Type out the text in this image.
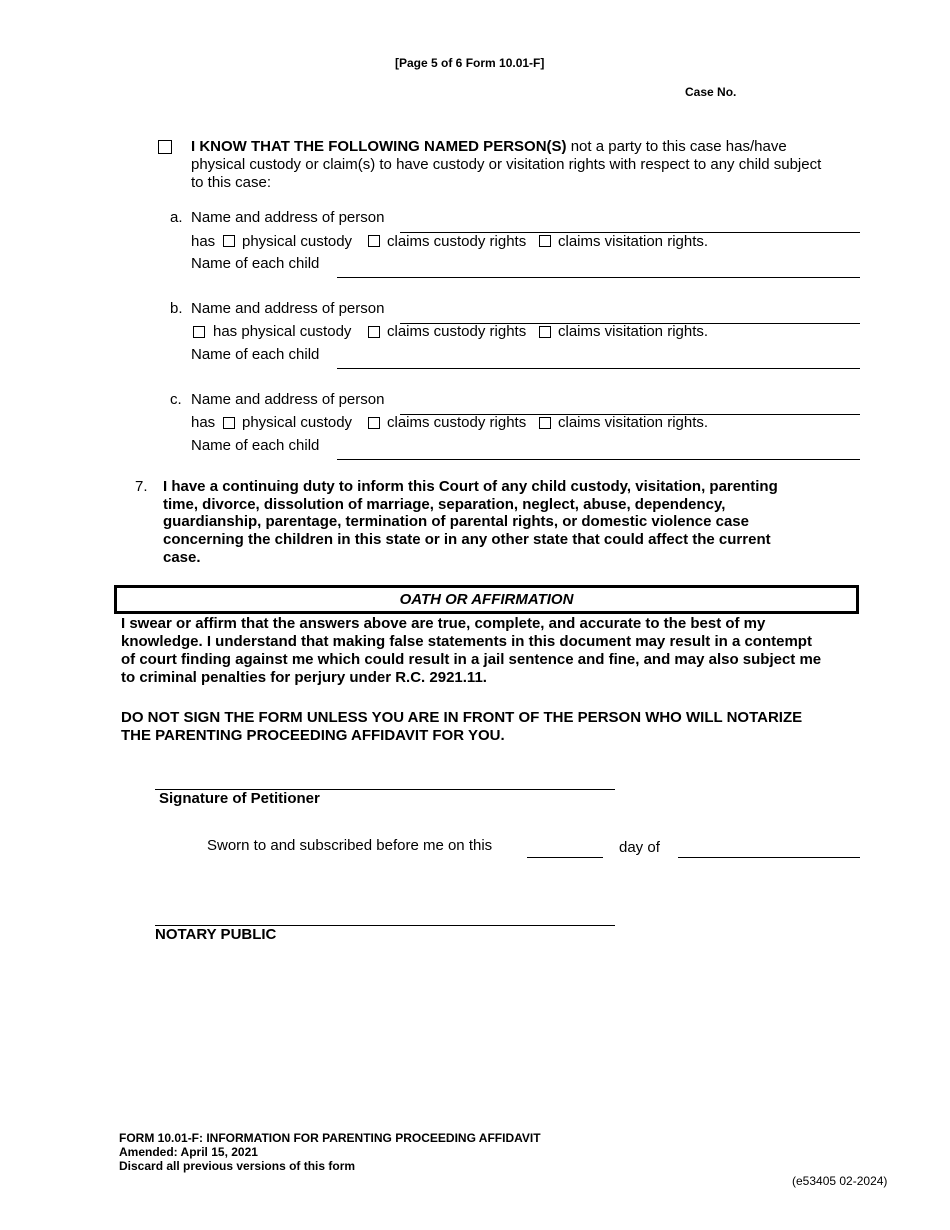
[Page 5 of 6 Form 10.01-F]
Case No.
I KNOW THAT THE FOLLOWING NAMED PERSON(S) not a party to this case has/have
physical custody or claim(s) to have custody or visitation rights with respect to any child subject
to this case:
a. Name and address of person
has physical custody claims custody rights claims visitation rights.
Name of each child
b. Name and address of person
has physical custody claims custody rights claims visitation rights.
Name of each child
c. Name and address of person
has physical custody claims custody rights claims visitation rights.
Name of each child
7. I have a continuing duty to inform this Court of any child custody, visitation, parenting
time, divorce, dissolution of marriage, separation, neglect, abuse, dependency,
guardianship, parentage, termination of parental rights, or domestic violence case
concerning the children in this state or in any other state that could affect the current
case.
OATH OR AFFIRMATION
I swear or affirm that the answers above are true, complete, and accurate to the best of my
knowledge. I understand that making false statements in this document may result in a contempt
of court finding against me which could result in a jail sentence and fine, and may also subject me
to criminal penalties for perjury under R.C. 2921.11.
DO NOT SIGN THE FORM UNLESS YOU ARE IN FRONT OF THE PERSON WHO WILL NOTARIZE
THE PARENTING PROCEEDING AFFIDAVIT FOR YOU.
Signature of Petitioner
Sworn to and subscribed before me on this	day of
NOTARY PUBLIC
FORM 10.01-F: INFORMATION FOR PARENTING PROCEEDING AFFIDAVIT
Amended: April 15, 2021
Discard all previous versions of this form
(e53405 02-2024)
